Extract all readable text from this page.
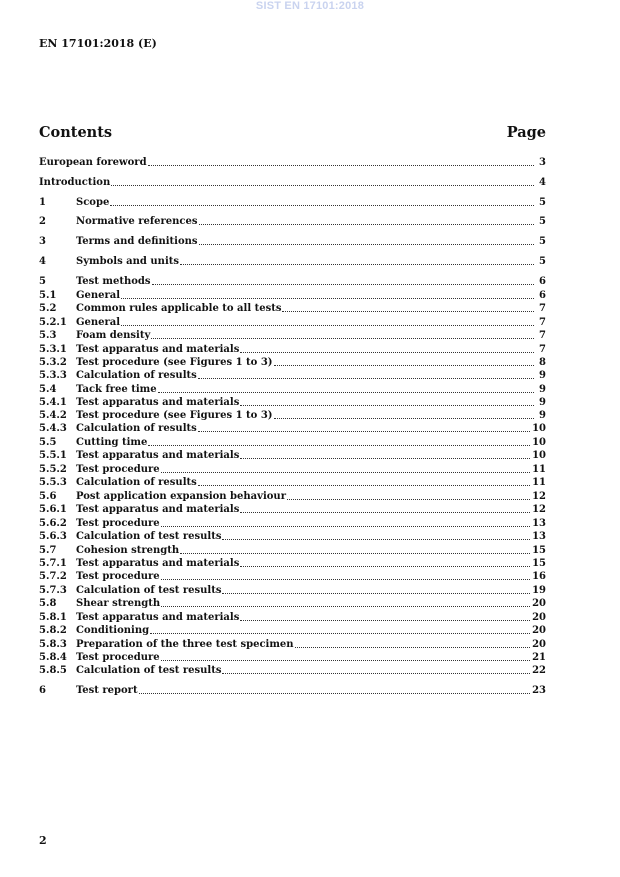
SIST EN 17101:2018
EN 17101:2018 (E)
Contents	Page
European foreword	3
Introduction	4
1	Scope	5
2	Normative references	5
3	Terms and definitions	5
4	Symbols and units	5
5	Test methods	6
5.1	General	6
5.2	Common rules applicable to all tests	7
5.2.1 General	7
5.3	Foam density	7
5.3.1 Test apparatus and materials	7
5.3.2 Test procedure (see Figures 1 to 3)	8
5.3.3 Calculation of results	9
5.4	Tack free time	9
5.4.1 Test apparatus and materials	9
5.4.2 Test procedure (see Figures 1 to 3)	9
5.4.3 Calculation of results	10
5.5	Cutting time	10
5.5.1 Test apparatus and materials	10
5.5.2 Test procedure	11
5.5.3 Calculation of results	11
5.6	Post application expansion behaviour	12
5.6.1 Test apparatus and materials	12
5.6.2 Test procedure	13
5.6.3 Calculation of test results	13
5.7	Cohesion strength	15
5.7.1 Test apparatus and materials	15
5.7.2 Test procedure	16
5.7.3 Calculation of test results	19
5.8	Shear strength	20
5.8.1 Test apparatus and materials	20
5.8.2 Conditioning	20
5.8.3 Preparation of the three test specimen	20
5.8.4 Test procedure	21
5.8.5 Calculation of test results	22
6	Test report	23
2
